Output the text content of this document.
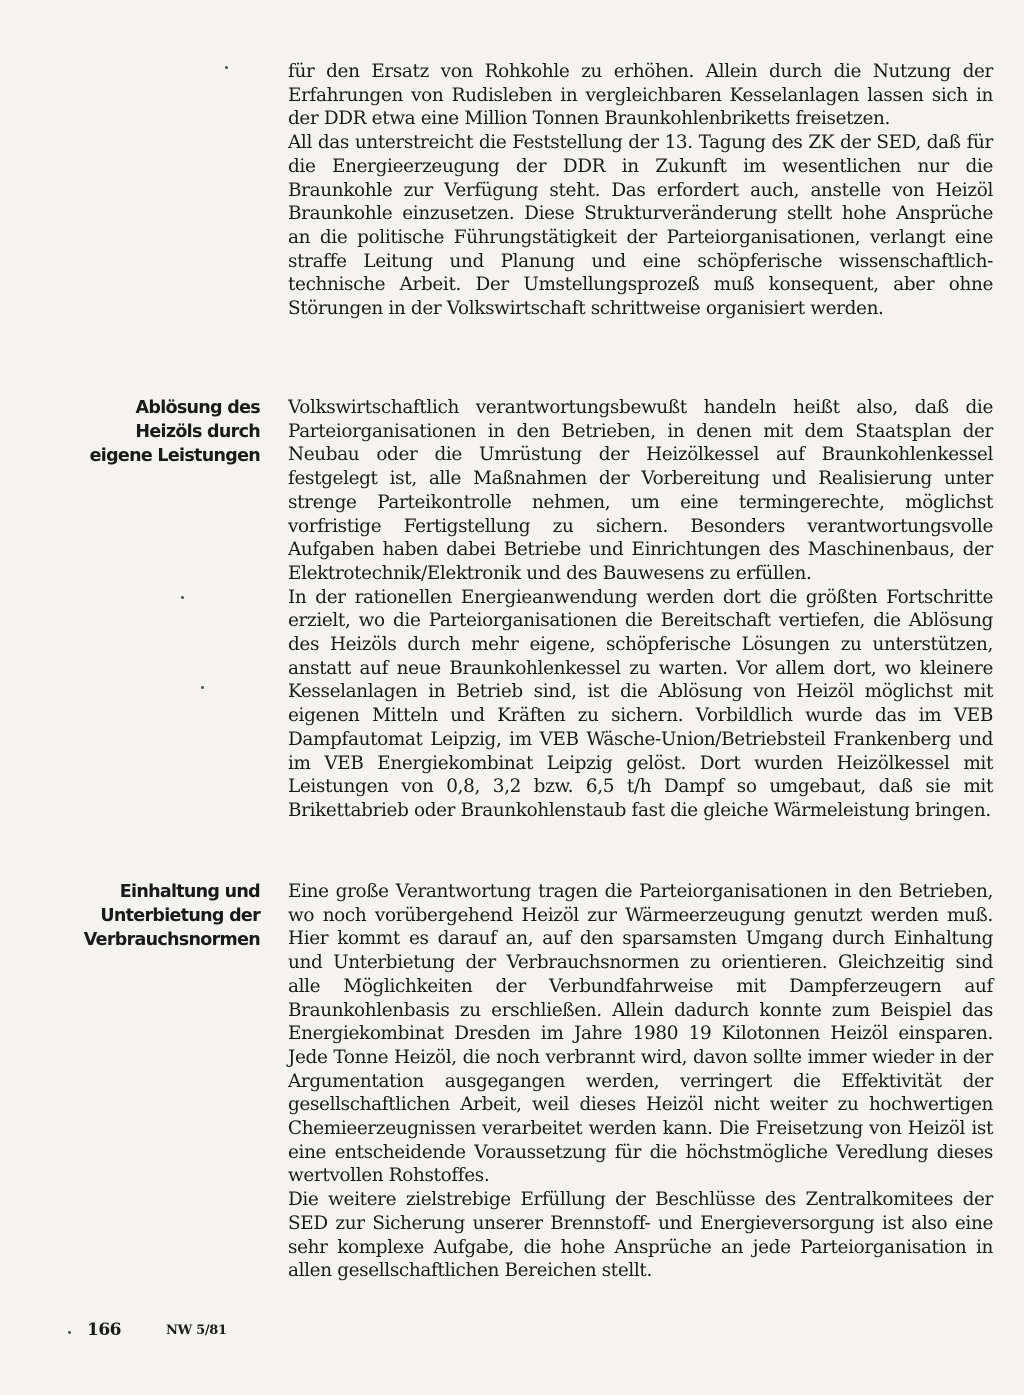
für den Ersatz von Rohkohle zu erhöhen. Allein durch die Nutzung der Erfahrungen von Rudisleben in vergleichbaren Kesselanlagen lassen sich in der DDR etwa eine Million Tonnen Braunkohlenbriketts freisetzen.

All das unterstreicht die Feststellung der 13. Tagung des ZK der SED, daß für die Energieerzeugung der DDR in Zukunft im wesentlichen nur die Braunkohle zur Verfügung steht. Das erfordert auch, anstelle von Heizöl Braunkohle einzusetzen. Diese Strukturveränderung stellt hohe Ansprüche an die politische Führungstätigkeit der Parteiorganisationen, verlangt eine straffe Leitung und Planung und eine schöpferische wissenschaftlich-technische Arbeit. Der Umstellungsprozeß muß konsequent, aber ohne Störungen in der Volkswirtschaft schrittweise organisiert werden.

Ablösung des
Heizöls durch
eigene Leistungen

Volkswirtschaftlich verantwortungsbewußt handeln heißt also, daß die Parteiorganisationen in den Betrieben, in denen mit dem Staatsplan der Neubau oder die Umrüstung der Heizölkessel auf Braunkohlenkessel festgelegt ist, alle Maßnahmen der Vorbereitung und Realisierung unter strenge Parteikontrolle nehmen, um eine termingerechte, möglichst vorfristige Fertigstellung zu sichern. Besonders verantwortungsvolle Aufgaben haben dabei Betriebe und Einrichtungen des Maschinenbaus, der Elektrotechnik/Elektronik und des Bauwesens zu erfüllen.

In der rationellen Energieanwendung werden dort die größten Fortschritte erzielt, wo die Parteiorganisationen die Bereitschaft vertiefen, die Ablösung des Heizöls durch mehr eigene, schöpferische Lösungen zu unterstützen, anstatt auf neue Braunkohlenkessel zu warten. Vor allem dort, wo kleinere Kesselanlagen in Betrieb sind, ist die Ablösung von Heizöl möglichst mit eigenen Mitteln und Kräften zu sichern. Vorbildlich wurde das im VEB Dampfautomat Leipzig, im VEB Wäsche-Union/Betriebsteil Frankenberg und im VEB Energiekombinat Leipzig gelöst. Dort wurden Heizölkessel mit Leistungen von 0,8, 3,2 bzw. 6,5 t/h Dampf so umgebaut, daß sie mit Brikettabrieb oder Braunkohlenstaub fast die gleiche Wärmeleistung bringen.

Einhaltung und
Unterbietung der
Verbrauchsnormen

Eine große Verantwortung tragen die Parteiorganisationen in den Betrieben, wo noch vorübergehend Heizöl zur Wärmeerzeugung genutzt werden muß. Hier kommt es darauf an, auf den sparsamsten Umgang durch Einhaltung und Unterbietung der Verbrauchsnormen zu orientieren. Gleichzeitig sind alle Möglichkeiten der Verbundfahrweise mit Dampferzeugern auf Braunkohlenbasis zu erschließen. Allein dadurch konnte zum Beispiel das Energiekombinat Dresden im Jahre 1980 19 Kilotonnen Heizöl einsparen. Jede Tonne Heizöl, die noch verbrannt wird, davon sollte immer wieder in der Argumentation ausgegangen werden, verringert die Effektivität der gesellschaftlichen Arbeit, weil dieses Heizöl nicht weiter zu hochwertigen Chemieerzeugnissen verarbeitet werden kann. Die Freisetzung von Heizöl ist eine entscheidende Voraussetzung für die höchstmögliche Veredlung dieses wertvollen Rohstoffes.

Die weitere zielstrebige Erfüllung der Beschlüsse des Zentralkomitees der SED zur Sicherung unserer Brennstoff- und Energieversorgung ist also eine sehr komplexe Aufgabe, die hohe Ansprüche an jede Parteiorganisation in allen gesellschaftlichen Bereichen stellt.

166	NW 5/81
